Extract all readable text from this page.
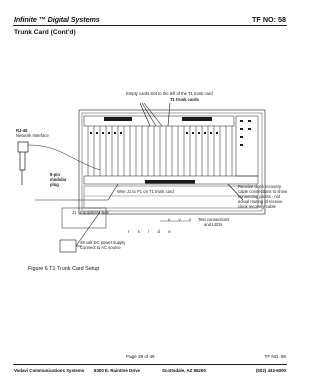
Infinite ™ Digital Systems	TF NO: 58
Trunk Card (Cont'd)
Empty cards slot to the left of the T1 trunk card
T1 trunk cards
RJ-45
Network Interface
8-pin modular plug
Wire J1 to P1 on T1 trunk card
J1 - Equipment side
Receive clock recovery
cable connections to show
connecting points - not
actual routing of receive
clock recovery cable
v v v Test connections
and LEDs
r s i d e
48 volt DC power supply
Connect to AC source
Figure 6 T1 Trunk Card Setup
Page 29 of 46	TF NO. 58
Vodavi Communications Systems 8300 E. Raintree Drive	Scottsdale, AZ 85260	(602) 443-6000
